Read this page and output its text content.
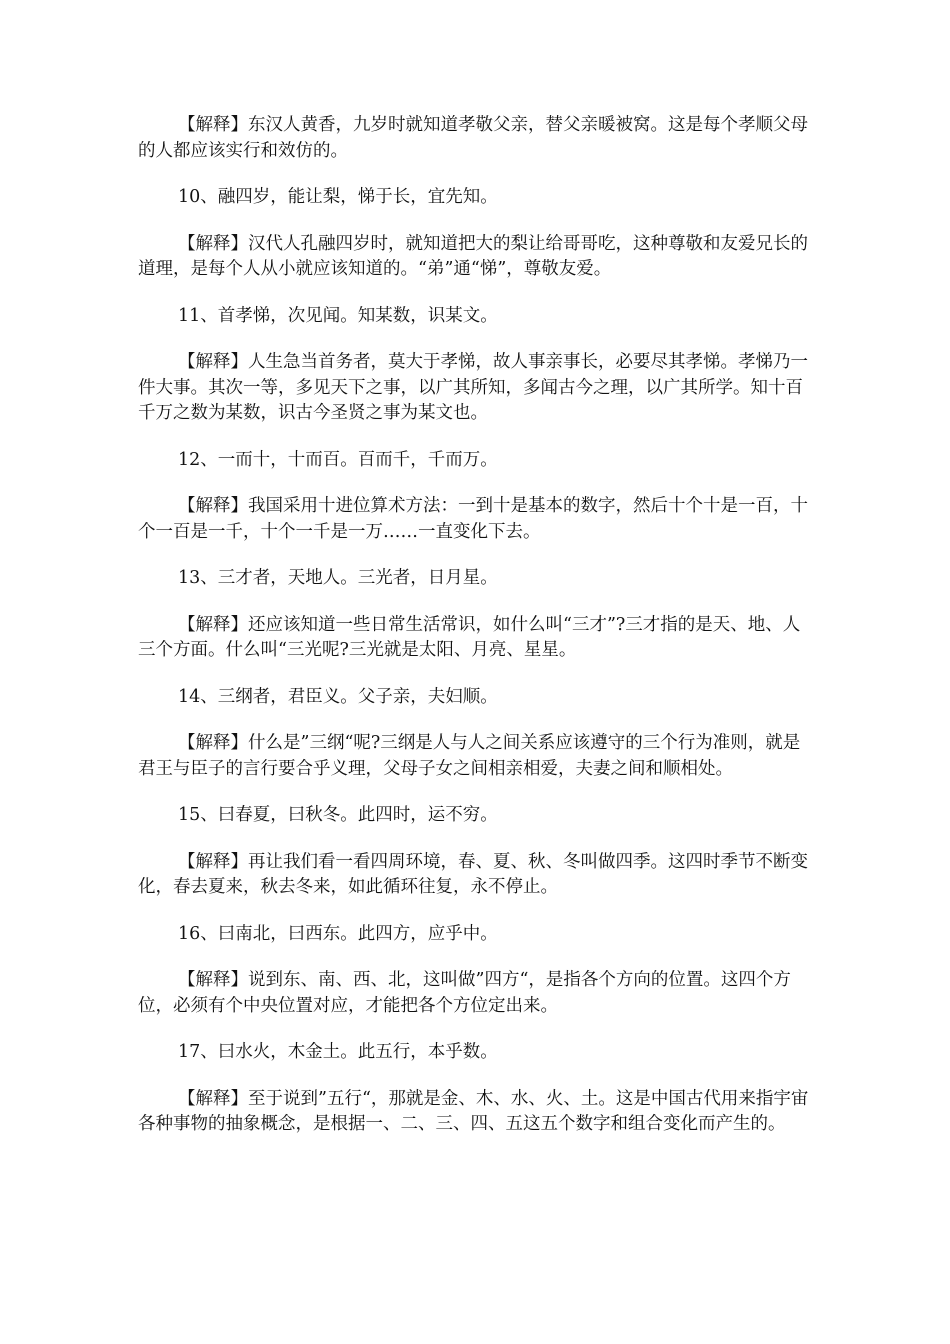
【解释】东汉人黄香，九岁时就知道孝敬父亲，替父亲暖被窝。这是每个孝顺父母的人都应该实行和效仿的。

10、融四岁，能让梨，悌于长，宜先知。

【解释】汉代人孔融四岁时，就知道把大的梨让给哥哥吃，这种尊敬和友爱兄长的道理，是每个人从小就应该知道的。“弟”通“悌”，尊敬友爱。

11、首孝悌，次见闻。知某数，识某文。

【解释】人生急当首务者，莫大于孝悌，故人事亲事长，必要尽其孝悌。孝悌乃一件大事。其次一等，多见天下之事，以广其所知，多闻古今之理，以广其所学。知十百千万之数为某数，识古今圣贤之事为某文也。

12、一而十，十而百。百而千，千而万。

【解释】我国采用十进位算术方法：一到十是基本的数字，然后十个十是一百，十个一百是一千，十个一千是一万……一直变化下去。

13、三才者，天地人。三光者，日月星。

【解释】还应该知道一些日常生活常识，如什么叫“三才”?三才指的是天、地、人三个方面。什么叫“三光呢?三光就是太阳、月亮、星星。

14、三纲者，君臣义。父子亲，夫妇顺。

【解释】什么是”三纲“呢?三纲是人与人之间关系应该遵守的三个行为准则，就是君王与臣子的言行要合乎义理，父母子女之间相亲相爱，夫妻之间和顺相处。

15、曰春夏，曰秋冬。此四时，运不穷。

【解释】再让我们看一看四周环境，春、夏、秋、冬叫做四季。这四时季节不断变化，春去夏来，秋去冬来，如此循环往复，永不停止。

16、曰南北，曰西东。此四方，应乎中。

【解释】说到东、南、西、北，这叫做”四方“，是指各个方向的位置。这四个方位，必须有个中央位置对应，才能把各个方位定出来。

17、曰水火，木金土。此五行，本乎数。

【解释】至于说到”五行“，那就是金、木、水、火、土。这是中国古代用来指宇宙各种事物的抽象概念，是根据一、二、三、四、五这五个数字和组合变化而产生的。
